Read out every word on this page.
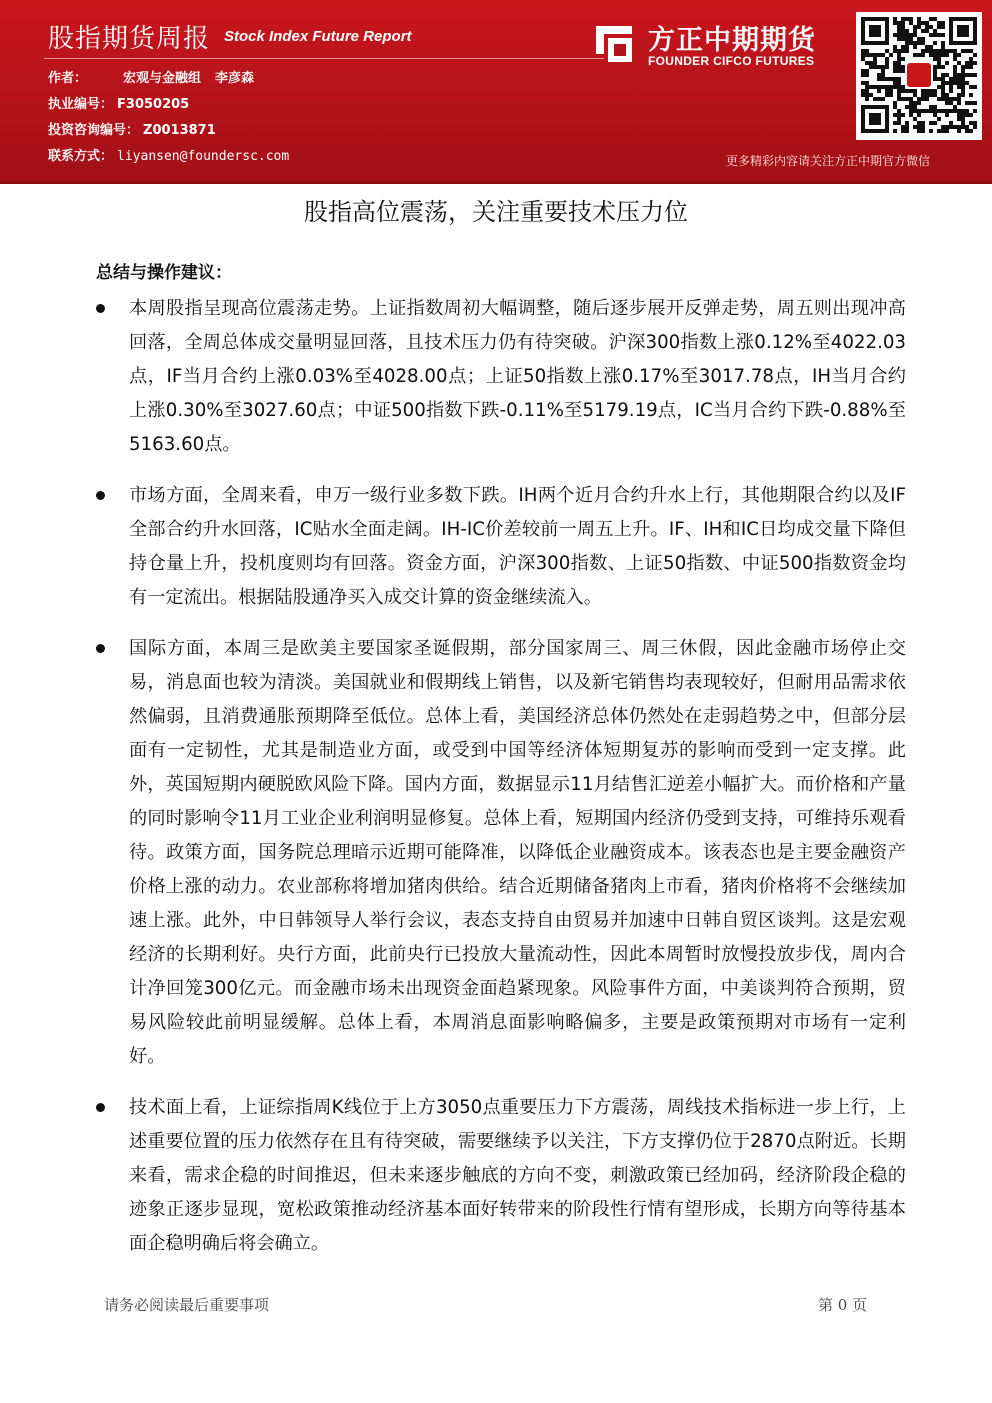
股指期货周报 Stock Index Future Report
作者：	宏观与金融组 李彦森
执业编号： F3050205
投资咨询编号： Z0013871
联系方式： liyansen@foundersc.com
方正中期期货
FOUNDER CIFCO FUTURES
更多精彩内容请关注方正中期官方微信
股指高位震荡，关注重要技术压力位
总结与操作建议：
本周股指呈现高位震荡走势。上证指数周初大幅调整，随后逐步展开反弹走势，周五则出现冲高回落，全周总体成交量明显回落，且技术压力仍有待突破。沪深300指数上涨0.12%至4022.03点，IF当月合约上涨0.03%至4028.00点；上证50指数上涨0.17%至3017.78点，IH当月合约上涨0.30%至3027.60点；中证500指数下跌-0.11%至5179.19点，IC当月合约下跌-0.88%至5163.60点。
市场方面，全周来看，申万一级行业多数下跌。IH两个近月合约升水上行，其他期限合约以及IF全部合约升水回落，IC贴水全面走阔。IH-IC价差较前一周五上升。IF、IH和IC日均成交量下降但持仓量上升，投机度则均有回落。资金方面，沪深300指数、上证50指数、中证500指数资金均有一定流出。根据陆股通净买入成交计算的资金继续流入。
国际方面，本周三是欧美主要国家圣诞假期，部分国家周三、周三休假，因此金融市场停止交易，消息面也较为清淡。美国就业和假期线上销售，以及新宅销售均表现较好，但耐用品需求依然偏弱，且消费通胀预期降至低位。总体上看，美国经济总体仍然处在走弱趋势之中，但部分层面有一定韧性，尤其是制造业方面，或受到中国等经济体短期复苏的影响而受到一定支撑。此外，英国短期内硬脱欧风险下降。国内方面，数据显示11月结售汇逆差小幅扩大。而价格和产量的同时影响令11月工业企业利润明显修复。总体上看，短期国内经济仍受到支持，可维持乐观看待。政策方面，国务院总理暗示近期可能降准，以降低企业融资成本。该表态也是主要金融资产价格上涨的动力。农业部称将增加猪肉供给。结合近期储备猪肉上市看，猪肉价格将不会继续加速上涨。此外，中日韩领导人举行会议，表态支持自由贸易并加速中日韩自贸区谈判。这是宏观经济的长期利好。央行方面，此前央行已投放大量流动性，因此本周暂时放慢投放步伐，周内合计净回笼300亿元。而金融市场未出现资金面趋紧现象。风险事件方面，中美谈判符合预期，贸易风险较此前明显缓解。总体上看，本周消息面影响略偏多，主要是政策预期对市场有一定利好。
技术面上看，上证综指周K线位于上方3050点重要压力下方震荡，周线技术指标进一步上行，上述重要位置的压力依然存在且有待突破，需要继续予以关注，下方支撑仍位于2870点附近。长期来看，需求企稳的时间推迟，但未来逐步触底的方向不变，刺激政策已经加码，经济阶段企稳的迹象正逐步显现，宽松政策推动经济基本面好转带来的阶段性行情有望形成，长期方向等待基本面企稳明确后将会确立。
请务必阅读最后重要事项	第 0 页
